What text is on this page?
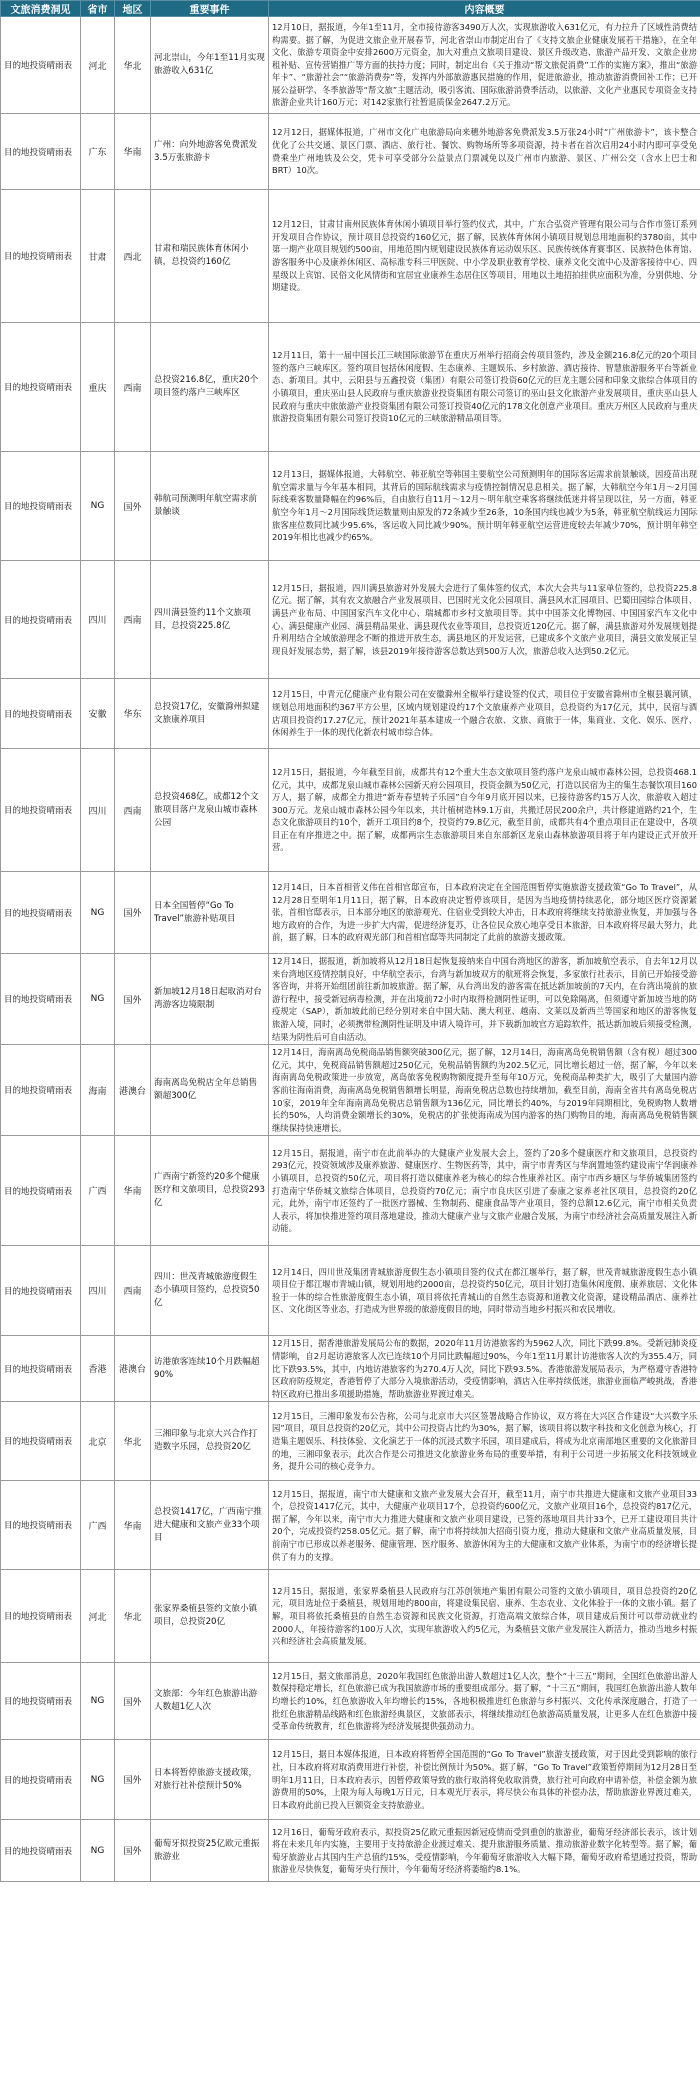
文旅消费洞见	省市	地区	重要事件	内容概要
目的地投资晴雨表	河北	华北	河北崇山，今年1至11月实现旅游收入631亿	12月10日，据报道，今年1至11月，全市接待游客3490万人次，实现旅游收入631亿元，有力拉升了区域性消费结构需要。据了解，为促进文旅企业开展春节，河北省崇山市制定出台了《支持文旅企业健康发展若干措施》，在全年文化、旅游专项资金中安排2600万元资金，加大对重点文旅项目建设、景区升级改造、旅游产品开发、文旅企业房租补贴、宣传营销推广等方面的扶持力度；同时，制定出台《关于推动“帮文旅促消费”工作的实施方案》，推出“旅游年卡”、“旅游社会”“旅游消费券”等，发挥内外部旅游惠民措施的作用，促进旅游业，推动旅游消费回补工作；已开展公益研学、冬季旅游等“帮文旅”主题活动，吸引客流、国际旅游消费季活动，以旅游、文化产业惠民专项资金支持旅游企业共计160万元；对142家旅行社暂退质保金2647.2万元。
目的地投资晴雨表	广东	华南	广州：向外地游客免费派发3.5万张旅游卡	12月12日，据媒体报道，广州市文化广电旅游局向来穗外地游客免费派发3.5万张24小时“广州旅游卡”，该卡整合优化了公共交通、景区门票、酒店、旅行社、餐饮、购物场所等多项资源，持卡者在首次启用24小时内即可享受免费乘坐广州地铁及公交，凭卡可享受部分公益景点门票减免以及广州市内旅游、景区、广州公交（含水上巴士和BRT）10次。
目的地投资晴雨表	甘肃	西北	甘肃和瑞民族体育休闲小镇，总投资约160亿	12月12日，甘肃甘南州民族体育休闲小镇项目举行签约仪式，其中，广东合弘资产管理有限公司与合作市签订系列开发项目合作协议，预计项目总投资约160亿元，据了解，民族体育休闲小镇项目规划总用地面积约3780亩，其中第一期产业项目规划约500亩，用地范围内规划建设民族体育运动娱乐区、民族传统体育赛事区、民族特色体育馆、游客服务中心及康养休闲区、高标准专科三甲医院、中小学及职业教育学校、康养文化交流中心及游客接待中心、四星级以上宾馆、民俗文化风情街和宜居宜业康养生态居住区等项目，用地以土地招拍挂供应面积为准，分别供地、分期建设。
目的地投资晴雨表	重庆	西南	总投资216.8亿，重庆20个项目签约落户三峡库区	12月11日，第十一届中国长江三峡国际旅游节在重庆万州举行招商会传项目签约，涉及金额216.8亿元的20个项目签约落户三峡库区。签约项目包括休闲度假、生态康养、主题娱乐、乡村旅游、酒店接待、智慧旅游服务平台等新业态、新项目。其中，云阳县与五鑫投资（集团）有限公司签订投资60亿元的巨龙主题公园和印象文旅综合体项目的小镇项目，重庆巫山县人民政府与重庆旅游业投资集团有限公司签订的巫山县文化旅游产业发展项目，重庆巫山县人民政府与重庆中旅旅游产业投资集团有限公司签订投资40亿元的178文化创意产业项目。重庆万州区人民政府与重庆旅游投资集团有限公司签订投资10亿元的三峡旅游精品项目等。
目的地投资晴雨表	NG	国外	韩航司预测明年航空需求前景触谈	12月13日，据媒体报道，大韩航空、韩亚航空等韩国主要航空公司预测明年的国际客运需求前景触谈，因疫苗出现航空需求量与今年基本相同，其背后的国际航线需求与疫情控制情况息息相关。据了解，大韩航空今年1月～2月国际线乘客数量降幅在约96%后，自由旅行自11月～12月～明年航空乘客将继续低迷并将呈现以往，另一方面，韩亚航空今年1月～2月国际线货运数量则由原发的72条减少至26条，10条国内线也减少为5条，韩亚航空航线运力国际旅客座位数同比减少95.6%，客运收入同比减少90%。预计明年韩亚航空运营进度较去年减少70%，预计明年韩空2019年相比也减少约65%。
目的地投资晴雨表	四川	西南	四川满县签约11个文旅项目，总投资225.8亿	12月15日，据报道，四川满县旅游对外发展大会进行了集体签约仪式，本次大会共与11家单位签约，总投资225.8亿元。据了解，其有农文旅融合产业发展项目、巴国时光文化公园项目、满县风水汇园项目、巴蜀田园综合体项目、满县产业布局、中国国家汽车文化中心、瑞城都市乡村文旅项目等。其中中国茶文化博物园、中国国家汽车文化中心、满县健康产业园、满县精品果业、满县现代农业等项目，总投资近120亿元。据了解，满县旅游对外发展规划提升利用结合全域旅游理念不断的推进开放生态，满县地区的开发运营，已建成多个文旅产业项目，满县文旅发展正呈现良好发展态势，据了解，该县2019年接待游客总数达到500万人次，旅游总收入达到50.2亿元。
目的地投资晴雨表	安徽	华东	总投资17亿，安徽滁州拟建文旅康养项目	12月15日，中青元亿健康产业有限公司在安徽滁州全椒举行建设签约仪式，项目位于安徽省滁州市全椒县襄河镇，规划总用地面积约367平方公里，区域内规划建设约17个文旅康养产业项目，总投资约为17亿元，其中，民宿与酒店项目投资约17.27亿元，预计2021年基本建成一个融合农旅、文旅、商旅于一体，集商业、文化、娱乐、医疗、休闲养生于一体的现代化新农村城市综合体。
目的地投资晴雨表	四川	西南	总投资468亿，成都12个文旅项目落户龙泉山城市森林公园	12月15日，据报道，今年截至目前，成都共有12个重大生态文旅项目签约落户龙泉山城市森林公园，总投资468.1亿元，其中，成都龙泉山城市森林公园新天府公园项目，投资金额为50亿元，打造以民宿为主的集生态餐饮项目160万人，据了解，成都全力推进“新寿春望转子乐园”自今年9月底开园以来，已接待游客约15万人次，旅游收入超过300万元。龙泉山城市森林公园今年以来，共计植树造林9.1万亩，共搬迁居民200余户，共计修建道路约21个，生态文化旅游项目约10个，新开工项目约8个，投资约79.8亿元，截至目前，成都共有4个重点项目正在建设中，各项目正在有序推进之中。据了解，成都两宗生态旅游项目来自东部新区龙泉山森林旅游项目将于年内建设正式开放开营。
目的地投资晴雨表	NG	国外	日本全国暂停“Go To Travel”旅游补贴项目	12月14日，日本首相菅义伟在首相官邸宣布，日本政府决定在全国范围暂停实施旅游支援政策“Go To Travel”，从12月28日至明年1月11日，据了解，日本政府决定暂停该项目，是因为当地疫情持续恶化，部分地区医疗资源紧张，首相官邸表示，日本部分地区的旅游观光、住宿业受到较大冲击，日本政府将继续支持旅游业恢复，并加强与各地方政府的合作，为进一步扩大内需，促进经济复苏，让各位民众放心地享受日本旅游，日本政府将尽最大努力，此前，据了解，日本的政府观光部门和首相官邸等共同制定了此前的旅游支援政策。
目的地投资晴雨表	NG	国外	新加坡12月18日起取消对台湾游客边境限制	12月14日，据报道，新加坡将从12月18日起恢复接纳来自中国台湾地区的游客，新加坡航空表示，自去年12月以来台湾地区疫情控制良好，中华航空表示，台湾与新加坡双方的航班将会恢复，多家旅行社表示，目前已开始接受游客咨询，并将开始组团前往新加坡旅游。据了解，从台湾出发的游客需在抵达新加坡前的7天内，在台湾出境前的旅游行程中，接受新冠病毒检测，并在出境前72小时内取得检测阴性证明，可以免除隔离，但须遵守新加坡当地的防疫规定（SAP），新加坡此前已经分别对来自中国大陆、澳大利亚、越南、文莱以及新西兰等国家和地区的游客恢复旅游入境，同时，必须携带检测阴性证明及申请入境许可，并下载新加坡官方追踪软件，抵达新加坡后须接受检测，结果为阴性后可自由活动。
目的地投资晴雨表	海南	港澳台	海南离岛免税店全年总销售额超300亿	12月14日，海南离岛免税商品销售额突破300亿元，据了解，12月14日，海南离岛免税销售额（含有税）超过300亿元，其中，免税商品销售额超过250亿元，免税品销售额约为202.5亿元，同比增长超过一倍，据了解，今年以来海南离岛免税政策进一步放宽，离岛旅客免税购物额度提升至每年10万元，免税商品种类扩大，吸引了大量国内游客前往海南消费，海南离岛免税销售额增长明显，海南免税店总数也持续增加，截至目前，海南全省共有离岛免税店10家，2019年全年海南离岛免税店总销售额为136亿元，同比增长约40%，与2019年同期相比，免税购物人数增长约50%，人均消费金额增长约30%，免税店的扩张使海南成为国内游客的热门购物目的地，海南离岛免税销售额继续保持快速增长。
目的地投资晴雨表	广西	华南	广西南宁新签约20多个健康医疗和文旅项目，总投资293亿	12月15日，据报道，南宁市在此前举办的大健康产业发展大会上，签约了20多个健康医疗和文旅项目，总投资约293亿元，投资领域涉及康养旅游、健康医疗、生物医药等，其中，南宁市青秀区与华润置地签约建设南宁华润康养小镇项目，总投资约50亿元，项目将打造以健康养老为核心的综合性康养社区。南宁市西乡塘区与华侨城集团签约打造南宁华侨城文旅综合体项目，总投资约70亿元；南宁市良庆区引进了泰康之家养老社区项目，总投资约20亿元，此外，南宁市还签约了一批医疗器械、生物制药、健康食品等产业项目，签约总额12.6亿元，南宁市相关负责人表示，将加快推进签约项目落地建设，推动大健康产业与文旅产业融合发展，为南宁市经济社会高质量发展注入新动能。
目的地投资晴雨表	四川	西南	四川：世茂青城旅游度假生态小镇项目签约，总投资50亿	12月14日，四川世茂集团青城旅游度假生态小镇项目签约仪式在都江堰举行，据了解，世茂青城旅游度假生态小镇项目位于都江堰市青城山镇，规划用地约2000亩，总投资约50亿元，项目计划打造集休闲度假、康养旅居、文化体验于一体的综合性旅游度假生态小镇，项目将依托青城山的自然生态资源和道教文化资源，建设精品酒店、康养社区、文化街区等业态，打造成为世界级的旅游度假目的地，同时带动当地乡村振兴和农民增收。
目的地投资晴雨表	香港	港澳台	访港旅客连续10个月跌幅超90%	12月15日，据香港旅游发展局公布的数据，2020年11月访港旅客约为5962人次，同比下跌99.8%。受新冠肺炎疫情影响，自2月起访港旅客人次已连续10个月同比跌幅超过90%，今年1至11月累计访港旅客人次约为355.4万，同比下跌93.5%，其中，内地访港旅客约为270.4万人次，同比下跌93.5%。香港旅游发展局表示，为严格遵守香港特区政府防疫规定，香港暂停了大部分入境旅游活动，受疫情影响，酒店入住率持续低迷，旅游业面临严峻挑战，香港特区政府已推出多项援助措施，帮助旅游业界渡过难关。
目的地投资晴雨表	北京	华北	三湘印象与北京大兴合作打造数字乐园，总投资20亿	12月15日，三湘印象发布公告称，公司与北京市大兴区签署战略合作协议，双方将在大兴区合作建设“大兴数字乐园”项目，项目总投资约20亿元，其中公司投资占比约为30%，据了解，该项目将以数字科技和文化创意为核心，打造集主题娱乐、科技体验、文化演艺于一体的沉浸式数字乐园，项目建成后，将成为北京南部地区重要的文化旅游目的地，三湘印象表示，此次合作是公司推进文化旅游业务布局的重要举措，有利于公司进一步拓展文化科技领域业务，提升公司的核心竞争力。
目的地投资晴雨表	广西	华南	总投资1417亿，广西南宁推进大健康和文旅产业33个项目	12月15日，据报道，南宁市大健康和文旅产业发展大会召开，截至11月，南宁市共推进大健康和文旅产业项目33个，总投资1417亿元，其中，大健康产业项目17个，总投资约600亿元，文旅产业项目16个，总投资约817亿元，据了解，今年以来，南宁市大力推进大健康和文旅产业项目建设，已签约落地项目共计33个，已开工建设项目共计20个，完成投资约258.05亿元。据了解，南宁市将持续加大招商引资力度，推动大健康和文旅产业高质量发展，目前南宁市已形成以养老服务、健康管理、医疗服务、旅游休闲为主的大健康和文旅产业体系，为南宁市的经济增长提供了有力的支撑。
目的地投资晴雨表	河北	华北	张家界桑植县签约文旅小镇项目，总投资20亿	12月15日，据报道，张家界桑植县人民政府与江苏创领地产集团有限公司签约文旅小镇项目，项目总投资约20亿元，项目选址位于桑植县，规划用地约800亩，将建设集民宿、康养、生态农业、文化体验于一体的文旅小镇。据了解，项目将依托桑植县的自然生态资源和民族文化资源，打造高端文旅综合体，项目建成后预计可以带动就业约2000人，年接待游客约100万人次，实现年旅游收入约5亿元，为桑植县文旅产业发展注入新活力，推动当地乡村振兴和经济社会高质量发展。
目的地投资晴雨表	NG	国外	文旅部：今年红色旅游出游人数超1亿人次	12月15日，据文旅部消息，2020年我国红色旅游出游人数超过1亿人次，整个“十三五”期间，全国红色旅游出游人数保持稳定增长，红色旅游已成为我国旅游市场的重要组成部分。据了解，“十三五”期间，我国红色旅游出游人数年均增长约10%，红色旅游收入年均增长约15%，各地积极推进红色旅游与乡村振兴、文化传承深度融合，打造了一批红色旅游精品线路和红色旅游经典景区，文旅部表示，将继续推动红色旅游高质量发展，让更多人在红色旅游中接受革命传统教育，红色旅游将为经济发展提供强劲动力。
目的地投资晴雨表	NG	国外	日本将暂停旅游支援政策，对旅行社补偿预计50%	12月15日，据日本媒体报道，日本政府将暂停全国范围的“Go To Travel”旅游支援政策，对于因此受到影响的旅行社，日本政府将对取消费用进行补偿，补偿比例预计为50%。据了解，“Go To Travel”政策暂停期间为12月28日至明年1月11日，日本政府表示，因暂停政策导致的旅行取消将免收取消费，旅行社可向政府申请补偿，补偿金额为旅游费用的50%，上限为每人每晚1万日元，日本观光厅表示，将尽快公布具体的补偿办法，帮助旅游业界渡过难关，日本政府此前已投入巨额资金支持旅游业。
目的地投资晴雨表	NG	国外	葡萄牙拟投资25亿欧元重振旅游业	12月16日，葡萄牙政府表示，拟投资25亿欧元重振因新冠疫情而受到重创的旅游业，葡萄牙经济部长表示，该计划将在未来几年内实施，主要用于支持旅游企业渡过难关、提升旅游服务质量、推动旅游业数字化转型等。据了解，葡萄牙旅游业占其国内生产总值约15%，受疫情影响，今年葡萄牙旅游收入大幅下降，葡萄牙政府希望通过投资，帮助旅游业尽快恢复，葡萄牙央行预计，今年葡萄牙经济将萎缩约8.1%。
